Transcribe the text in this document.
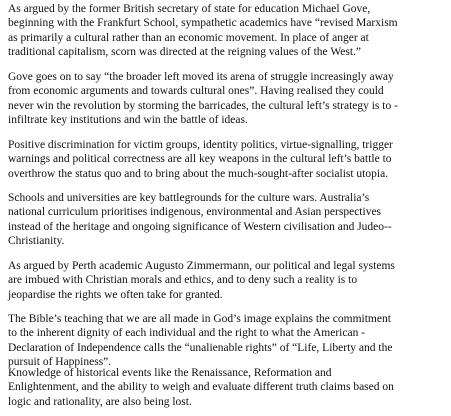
As argued by the former British secretary of state for education Michael Gove,
beginning with the Frankfurt School, sympathetic academics have “revised Marxism
as primarily a cultural rather than an economic movement. In place of anger at
traditional capitalism, scorn was directed at the reigning values of the West.”

Gove goes on to say “the broader left moved its arena of struggle increasingly away
from economic arguments and towards cultural ones”. Having realised they could
never win the revolution by storming the barricades, the cultural left’s strategy is to -
infiltrate key institutions and win the battle of ideas.

Positive discrimination for victim groups, identity politics, virtue-signalling, trigger
warnings and political correctness are all key weapons in the cultural left’s battle to
overthrow the status quo and to bring about the much-sought-after socialist utopia.

Schools and universities are key battlegrounds for the culture wars. Australia’s
national curriculum prioritises indigenous, environmental and Asian perspectives
instead of the heritage and ongoing significance of Western civilisation and Judeo--
Christianity.

As argued by Perth academic Augusto Zimmermann, our political and legal systems
are imbued with Christian morals and ethics, and to deny such a reality is to
jeopardise the rights we often take for granted.

The Bible’s teaching that we are all made in God’s image explains the commitment
to the inherent dignity of each individual and the right to what the American -
Declaration of Independence calls the “unalienable rights” of “Life, Liberty and the
pursuit of Happiness”.

Knowledge of historical events like the Renaissance, Reformation and
Enlightenment, and the ability to weigh and evaluate different truth claims based on
logic and rationality, are also being lost.
